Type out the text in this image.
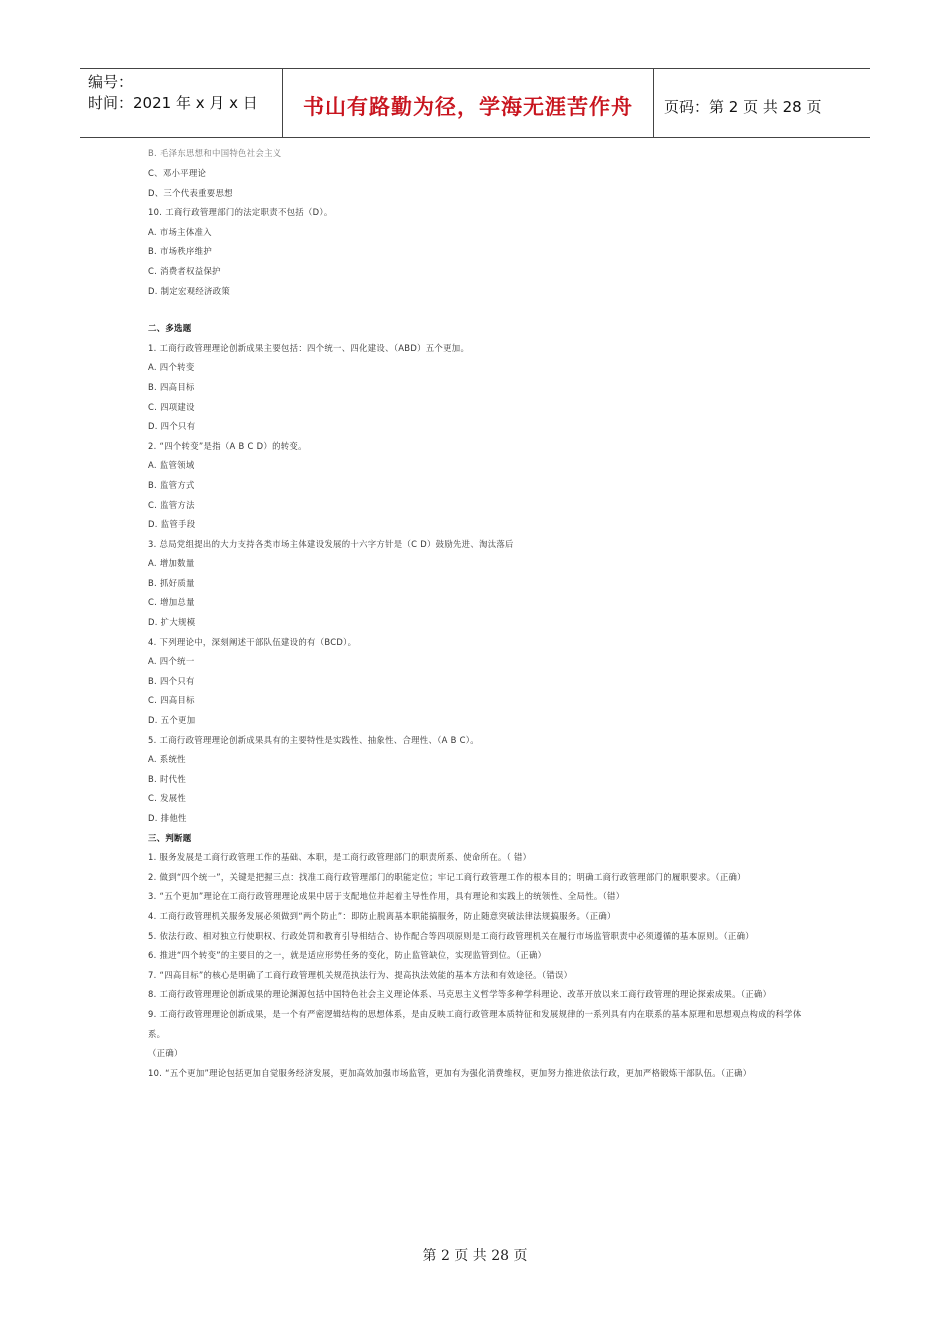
编号：
时间：2021 年 x 月 x 日	书山有路勤为径，学海无涯苦作舟 页码：第 2 页 共 28 页
B. 毛泽东思想和中国特色社会主义
C、邓小平理论
D、三个代表重要思想
10. 工商行政管理部门的法定职责不包括（D）。
A. 市场主体准入
B. 市场秩序维护
C. 消费者权益保护
D. 制定宏观经济政策
二、多选题
1. 工商行政管理理论创新成果主要包括：四个统一、四化建设、（ABD）五个更加。
A. 四个转变
B. 四高目标
C. 四项建设
D. 四个只有
2. “四个转变”是指（A B C D）的转变。
A. 监管领域
B. 监管方式
C. 监管方法
D. 监管手段
3. 总局党组提出的大力支持各类市场主体建设发展的十六字方针是（C D）鼓励先进、淘汰落后
A. 增加数量
B. 抓好质量
C. 增加总量
D. 扩大规模
4. 下列理论中，深刻阐述干部队伍建设的有（BCD）。
A. 四个统一
B. 四个只有
C. 四高目标
D. 五个更加
5. 工商行政管理理论创新成果具有的主要特性是实践性、抽象性、合理性、（A B C）。
A. 系统性
B. 时代性
C. 发展性
D. 排他性
三、判断题
1. 服务发展是工商行政管理工作的基础、本职，是工商行政管理部门的职责所系、使命所在。（ 错）
2. 做到“四个统一”，关键是把握三点：找准工商行政管理部门的职能定位；牢记工商行政管理工作的根本目的；明确工商行政管理部门的履职要求。（正确）
3. “五个更加”理论在工商行政管理理论成果中居于支配地位并起着主导性作用，具有理论和实践上的统领性、全局性。（错）
4. 工商行政管理机关服务发展必须做到“两个防止”：即防止脱离基本职能搞服务，防止随意突破法律法规搞服务。（正确）
5. 依法行政、相对独立行使职权、行政处罚和教育引导相结合、协作配合等四项原则是工商行政管理机关在履行市场监管职责中必须遵循的基本原则。（正确）
6. 推进“四个转变”的主要目的之一，就是适应形势任务的变化，防止监管缺位，实现监管到位。（正确）
7. “四高目标”的核心是明确了工商行政管理机关规范执法行为、提高执法效能的基本方法和有效途径。（错误）
8. 工商行政管理理论创新成果的理论渊源包括中国特色社会主义理论体系、马克思主义哲学等多种学科理论、改革开放以来工商行政管理的理论探索成果。（正确）
9. 工商行政管理理论创新成果，是一个有严密逻辑结构的思想体系，是由反映工商行政管理本质特征和发展规律的一系列具有内在联系的基本原理和思想观点构成的科学体系。
（正确）
10. “五个更加”理论包括更加自觉服务经济发展，更加高效加强市场监管，更加有为强化消费维权，更加努力推进依法行政，更加严格锻炼干部队伍。（正确）
第 2 页 共 28 页
